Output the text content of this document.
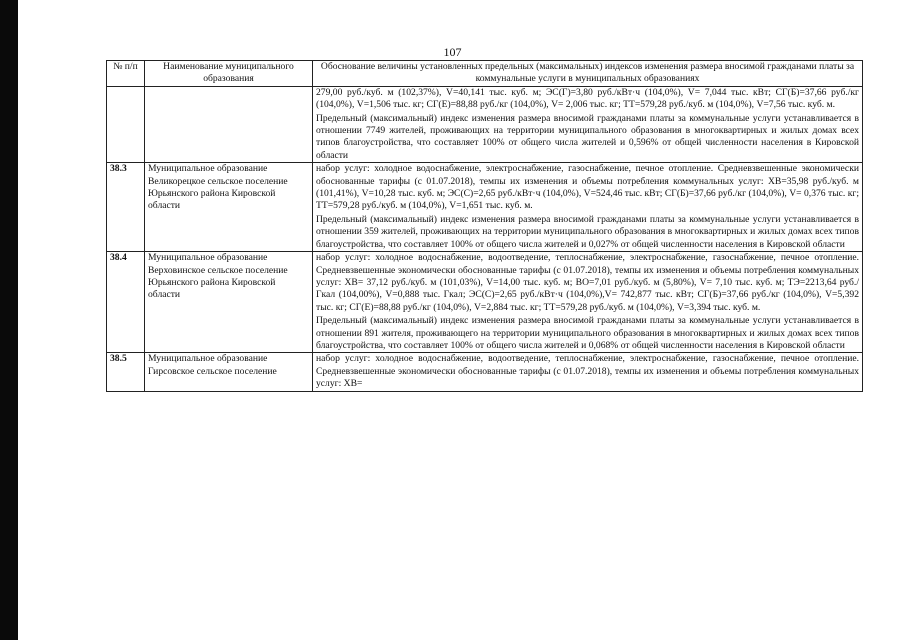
107
№ п/п	Наименование муниципального образования	Обоснование величины установленных предельных (максимальных) индексов изменения размера вносимой гражданами платы за коммунальные услуги в муниципальных образованиях

		279,00 руб./куб. м (102,37%), V=40,141 тыс. куб. м; ЭС(Г)=3,80 руб./кВт·ч (104,0%), V= 7,044 тыс. кВт; СГ(Б)=37,66 руб./кг (104,0%), V=1,506 тыс. кг; СГ(Е)=88,88 руб./кг (104,0%), V= 2,006 тыс. кг; ТТ=579,28 руб./куб. м (104,0%), V=7,56 тыс. куб. м.

Предельный (максимальный) индекс изменения размера вносимой гражданами платы за коммунальные услуги устанавливается в отношении 7749 жителей, проживающих на территории муниципального образования в многоквартирных и жилых домах всех типов благоустройства, что составляет 100% от общего числа жителей и 0,596% от общей численности населения в Кировской области

38.3	Муниципальное образование Великорецкое сельское поселение Юрьянского района Кировской области	набор услуг: холодное водоснабжение, электроснабжение, газоснабжение, печное отопление. Средневзвешенные экономически обоснованные тарифы (с 01.07.2018), темпы их изменения и объемы потребления коммунальных услуг: ХВ=35,98 руб./куб. м (101,41%), V=10,28 тыс. куб. м; ЭС(С)=2,65 руб./кВт·ч (104,0%), V=524,46 тыс. кВт; СГ(Б)=37,66 руб./кг (104,0%), V= 0,376 тыс. кг; ТТ=579,28 руб./куб. м (104,0%), V=1,651 тыс. куб. м.

Предельный (максимальный) индекс изменения размера вносимой гражданами платы за коммунальные услуги устанавливается в отношении 359 жителей, проживающих на территории муниципального образования в многоквартирных и жилых домах всех типов благоустройства, что составляет 100% от общего числа жителей и 0,027% от общей численности населения в Кировской области

38.4	Муниципальное образование Верховинское сельское поселение Юрьянского района Кировской области	набор услуг: холодное водоснабжение, водоотведение, теплоснабжение, электроснабжение, газоснабжение, печное отопление. Средневзвешенные экономически обоснованные тарифы (с 01.07.2018), темпы их изменения и объемы потребления коммунальных услуг: ХВ= 37,12 руб./куб. м (101,03%), V=14,00 тыс. куб. м; ВО=7,01 руб./куб. м (5,80%), V= 7,10 тыс. куб. м; ТЭ=2213,64 руб./Гкал (104,00%), V=0,888 тыс. Гкал; ЭС(С)=2,65 руб./кВт·ч (104,0%),V= 742,877 тыс. кВт; СГ(Б)=37,66 руб./кг (104,0%), V=5,392 тыс. кг; СГ(Е)=88,88 руб./кг (104,0%), V=2,884 тыс. кг; ТТ=579,28 руб./куб. м (104,0%), V=3,394 тыс. куб. м.

Предельный (максимальный) индекс изменения размера вносимой гражданами платы за коммунальные услуги устанавливается в отношении 891 жителя, проживающего на территории муниципального образования в многоквартирных и жилых домах всех типов благоустройства, что составляет 100% от общего числа жителей и 0,068% от общей численности населения в Кировской области

38.5	Муниципальное образование Гирсовское сельское поселение	набор услуг: холодное водоснабжение, водоотведение, теплоснабжение, электроснабжение, газоснабжение, печное отопление. Средневзвешенные экономически обоснованные тарифы (с 01.07.2018), темпы их изменения и объемы потребления коммунальных услуг: ХВ=
